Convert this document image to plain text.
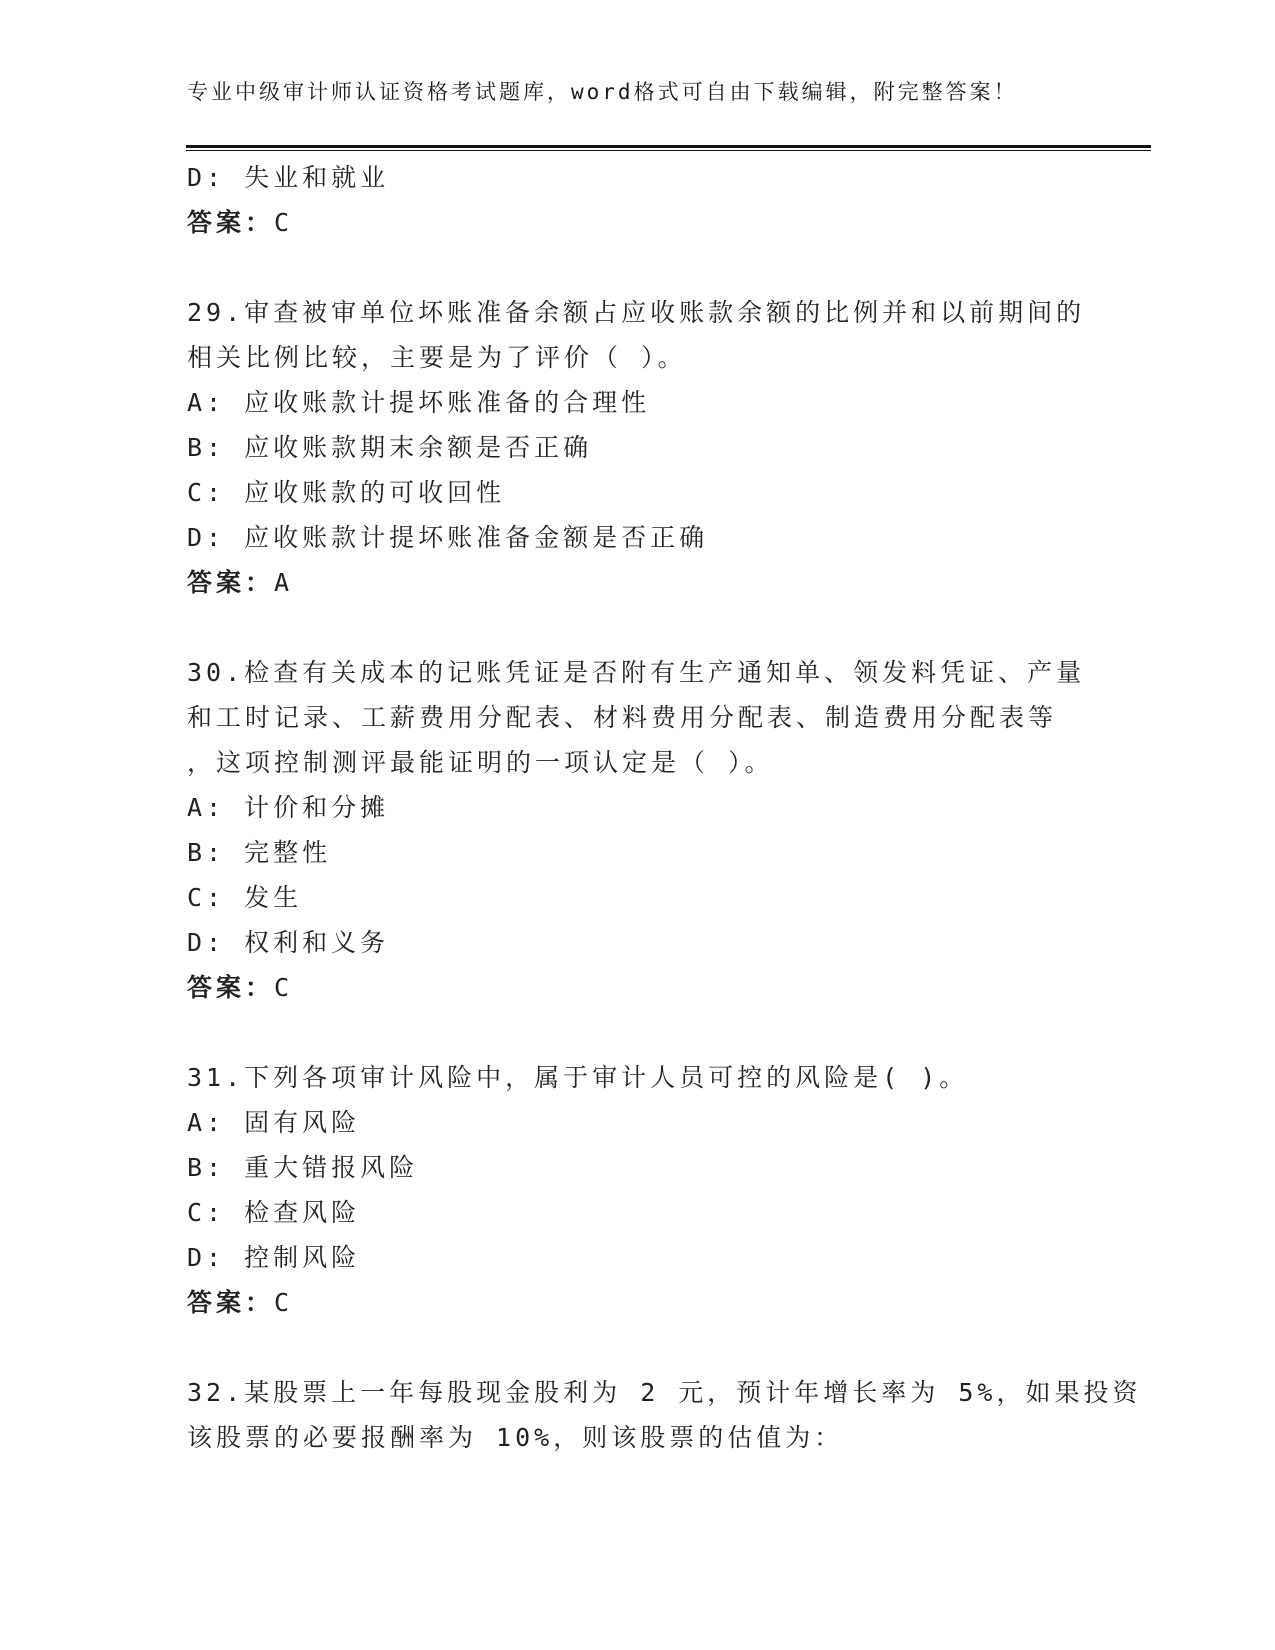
专业中级审计师认证资格考试题库，word格式可自由下载编辑，附完整答案！
D: 失业和就业
答案：C
29.审查被审单位坏账准备余额占应收账款余额的比例并和以前期间的
相关比例比较，主要是为了评价（ ）。
A: 应收账款计提坏账准备的合理性
B: 应收账款期末余额是否正确
C: 应收账款的可收回性
D: 应收账款计提坏账准备金额是否正确
答案：A
30.检查有关成本的记账凭证是否附有生产通知单、领发料凭证、产量
和工时记录、工薪费用分配表、材料费用分配表、制造费用分配表等
，这项控制测评最能证明的一项认定是（ ）。
A: 计价和分摊
B: 完整性
C: 发生
D: 权利和义务
答案：C
31.下列各项审计风险中，属于审计人员可控的风险是( )。
A: 固有风险
B: 重大错报风险
C: 检查风险
D: 控制风险
答案：C
32.某股票上一年每股现金股利为 2 元，预计年增长率为 5%，如果投资
该股票的必要报酬率为 10%，则该股票的估值为：
